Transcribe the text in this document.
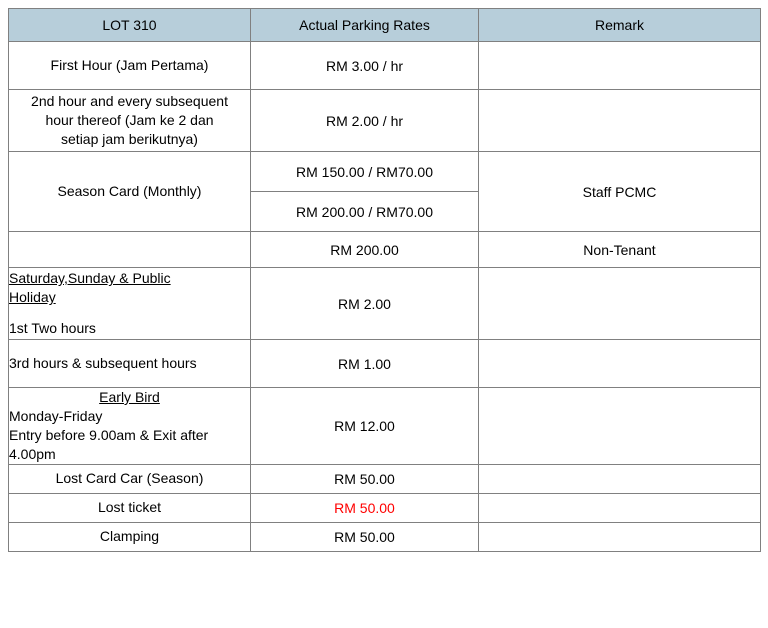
LOT 310	Actual Parking Rates	Remark
First Hour (Jam Pertama)	RM 3.00 / hr	

2nd hour and every subsequent
hour thereof (Jam ke 2 dan
setiap jam berikutnya)	RM 2.00 / hr	
Season Card (Monthly)	RM 150.00 / RM70.00	Staff PCMC
	RM 200.00 / RM70.00	
	RM 200.00	Non-Tenant

Saturday,Sunday & Public
Holiday
1st Two hours	RM 2.00	
3rd hours & subsequent hours	RM 1.00	

Early Bird
Monday-Friday
Entry before 9.00am & Exit after
4.00pm	RM 12.00	
Lost Card Car (Season)	RM 50.00	
Lost ticket	RM 50.00	
Clamping	RM 50.00	
